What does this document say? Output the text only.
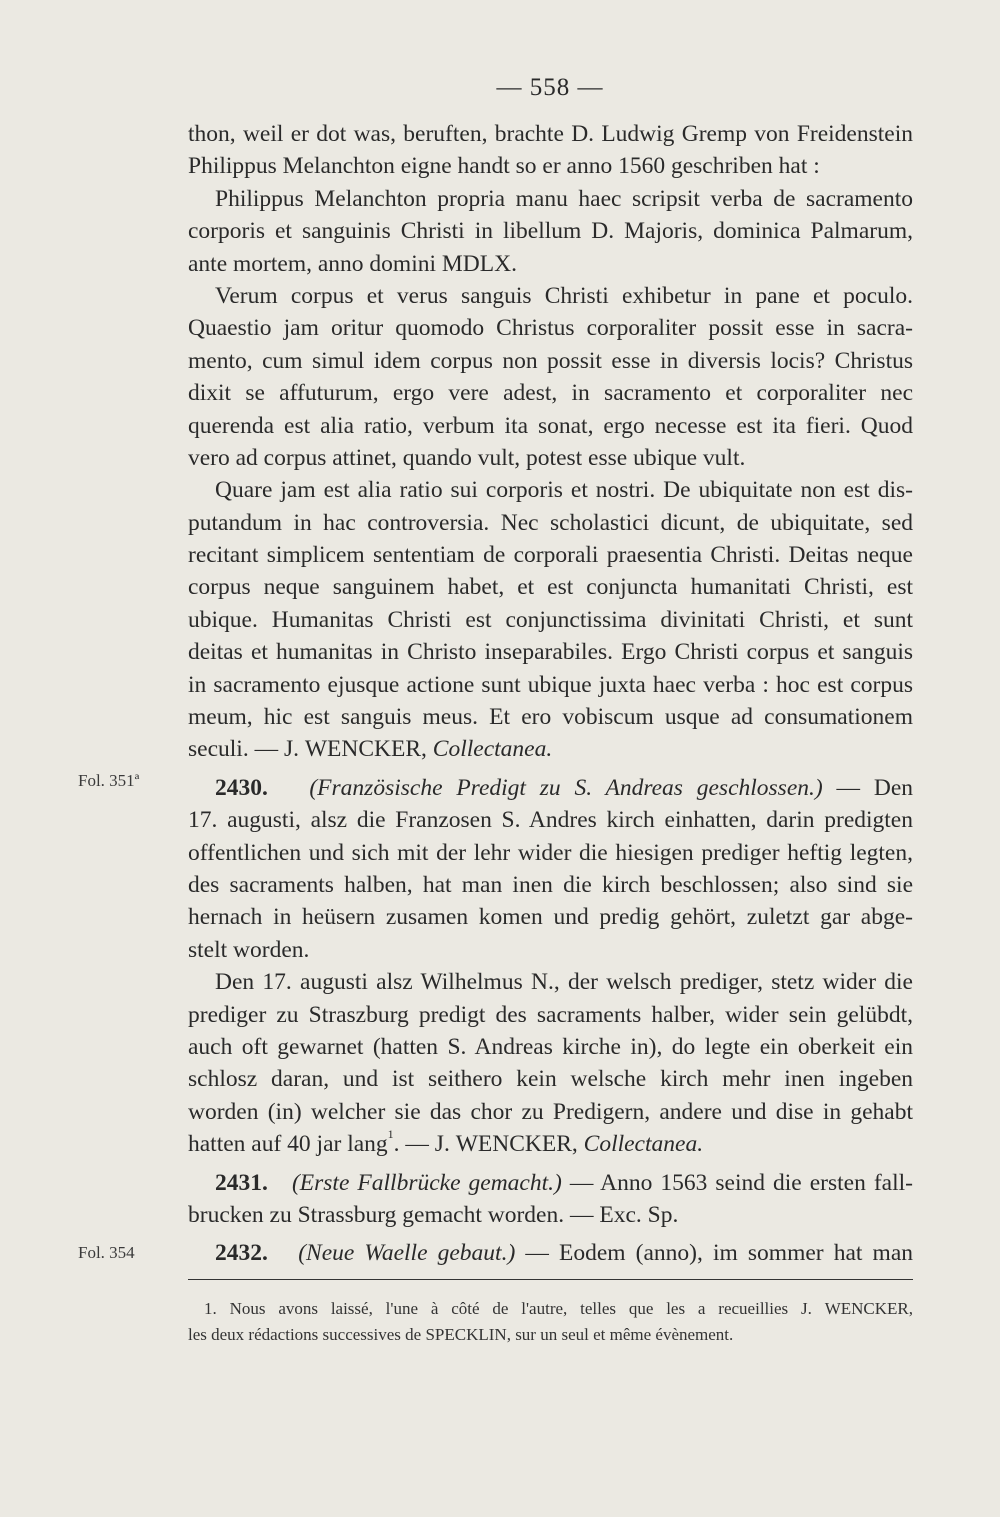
— 558 —
Fol. 351ª
Fol. 354
thon, weil er dot was, beruften, brachte D. Ludwig Gremp von Freidenstein
Philippus Melanchton eigne handt so er anno 1560 geschriben hat :
Philippus Melanchton propria manu haec scripsit verba de sacramento
corporis et sanguinis Christi in libellum D. Majoris, dominica Palmarum,
ante mortem, anno domini MDLX.
Verum corpus et verus sanguis Christi exhibetur in pane et poculo.
Quaestio jam oritur quomodo Christus corporaliter possit esse in sacra-
mento, cum simul idem corpus non possit esse in diversis locis? Christus
dixit se affuturum, ergo vere adest, in sacramento et corporaliter nec
querenda est alia ratio, verbum ita sonat, ergo necesse est ita fieri. Quod
vero ad corpus attinet, quando vult, potest esse ubique vult.
Quare jam est alia ratio sui corporis et nostri. De ubiquitate non est dis-
putandum in hac controversia. Nec scholastici dicunt, de ubiquitate, sed
recitant simplicem sententiam de corporali praesentia Christi. Deitas neque
corpus neque sanguinem habet, et est conjuncta humanitati Christi, est
ubique. Humanitas Christi est conjunctissima divinitati Christi, et sunt
deitas et humanitas in Christo inseparabiles. Ergo Christi corpus et sanguis
in sacramento ejusque actione sunt ubique juxta haec verba : hoc est corpus
meum, hic est sanguis meus. Et ero vobiscum usque ad consumationem
seculi. — J. WENCKER, Collectanea.
2430. (Französische Predigt zu S. Andreas geschlossen.) — Den
17. augusti, alsz die Franzosen S. Andres kirch einhatten, darin predigten
offentlichen und sich mit der lehr wider die hiesigen prediger heftig legten,
des sacraments halben, hat man inen die kirch beschlossen; also sind sie
hernach in heüsern zusamen komen und predig gehört, zuletzt gar abge-
stelt worden.
Den 17. augusti alsz Wilhelmus N., der welsch prediger, stetz wider die
prediger zu Straszburg predigt des sacraments halber, wider sein gelübdt,
auch oft gewarnet (hatten S. Andreas kirche in), do legte ein oberkeit ein
schlosz daran, und ist seithero kein welsche kirch mehr inen ingeben
worden (in) welcher sie das chor zu Predigern, andere und dise in gehabt
hatten auf 40 jar lang$^1$. — J. WENCKER, Collectanea.
2431. (Erste Fallbrücke gemacht.) — Anno 1563 seind die ersten fall-
brucken zu Strassburg gemacht worden. — Exc. Sp.
2432. (Neue Waelle gebaut.) — Eodem (anno), im sommer hat man
1. Nous avons laissé, l'une à côté de l'autre, telles que les a recueillies J. WENCKER,
les deux rédactions successives de SPECKLIN, sur un seul et même évènement.
